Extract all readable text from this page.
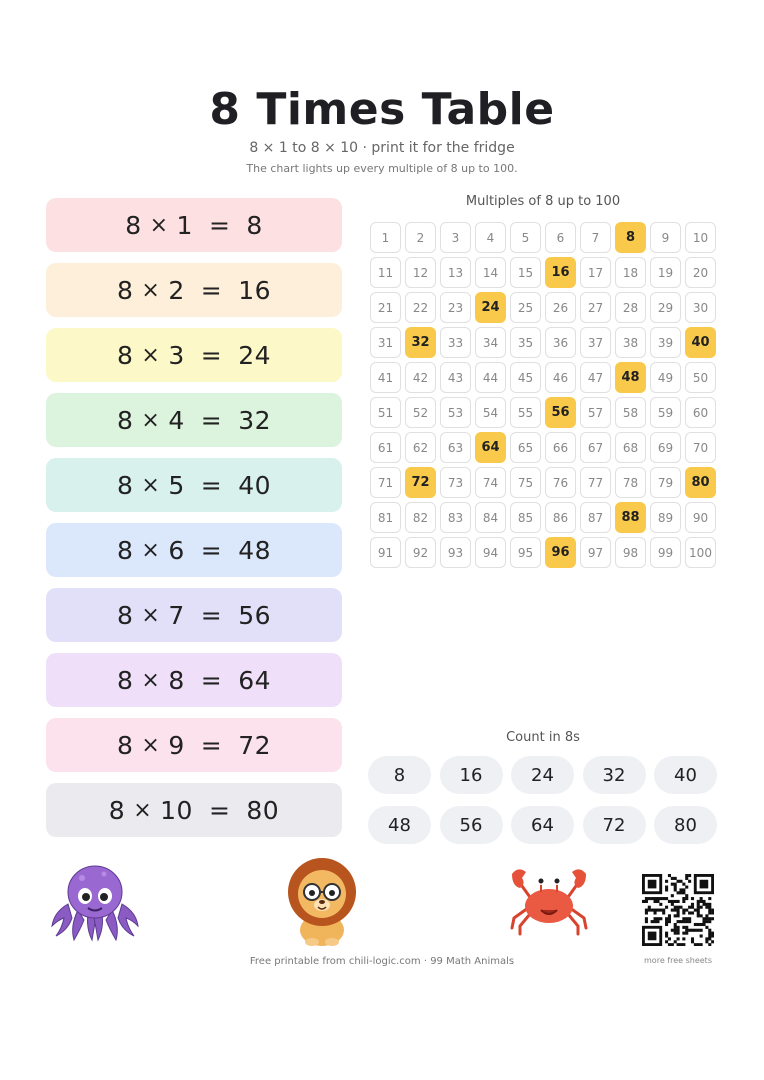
8 Times Table
8 × 1 to 8 × 10 · print it for the fridge
The chart lights up every multiple of 8 up to 100.
8 × 1 = 8
8 × 2 = 16
8 × 3 = 24
8 × 4 = 32
8 × 5 = 40
8 × 6 = 48
8 × 7 = 56
8 × 8 = 64
8 × 9 = 72
8 × 10 = 80
Multiples of 8 up to 100
1	2	3	4	5	6	7	8	9	10
11	12	13	14	15	16	17	18	19	20
21	22	23	24	25	26	27	28	29	30
31	32	33	34	35	36	37	38	39	40
41	42	43	44	45	46	47	48	49	50
51	52	53	54	55	56	57	58	59	60
61	62	63	64	65	66	67	68	69	70
71	72	73	74	75	76	77	78	79	80
81	82	83	84	85	86	87	88	89	90
91	92	93	94	95	96	97	98	99	100
Count in 8s
8	16	24	32	40
48	56	64	72	80
Free printable from chili-logic.com · 99 Math Animals	more free sheets
